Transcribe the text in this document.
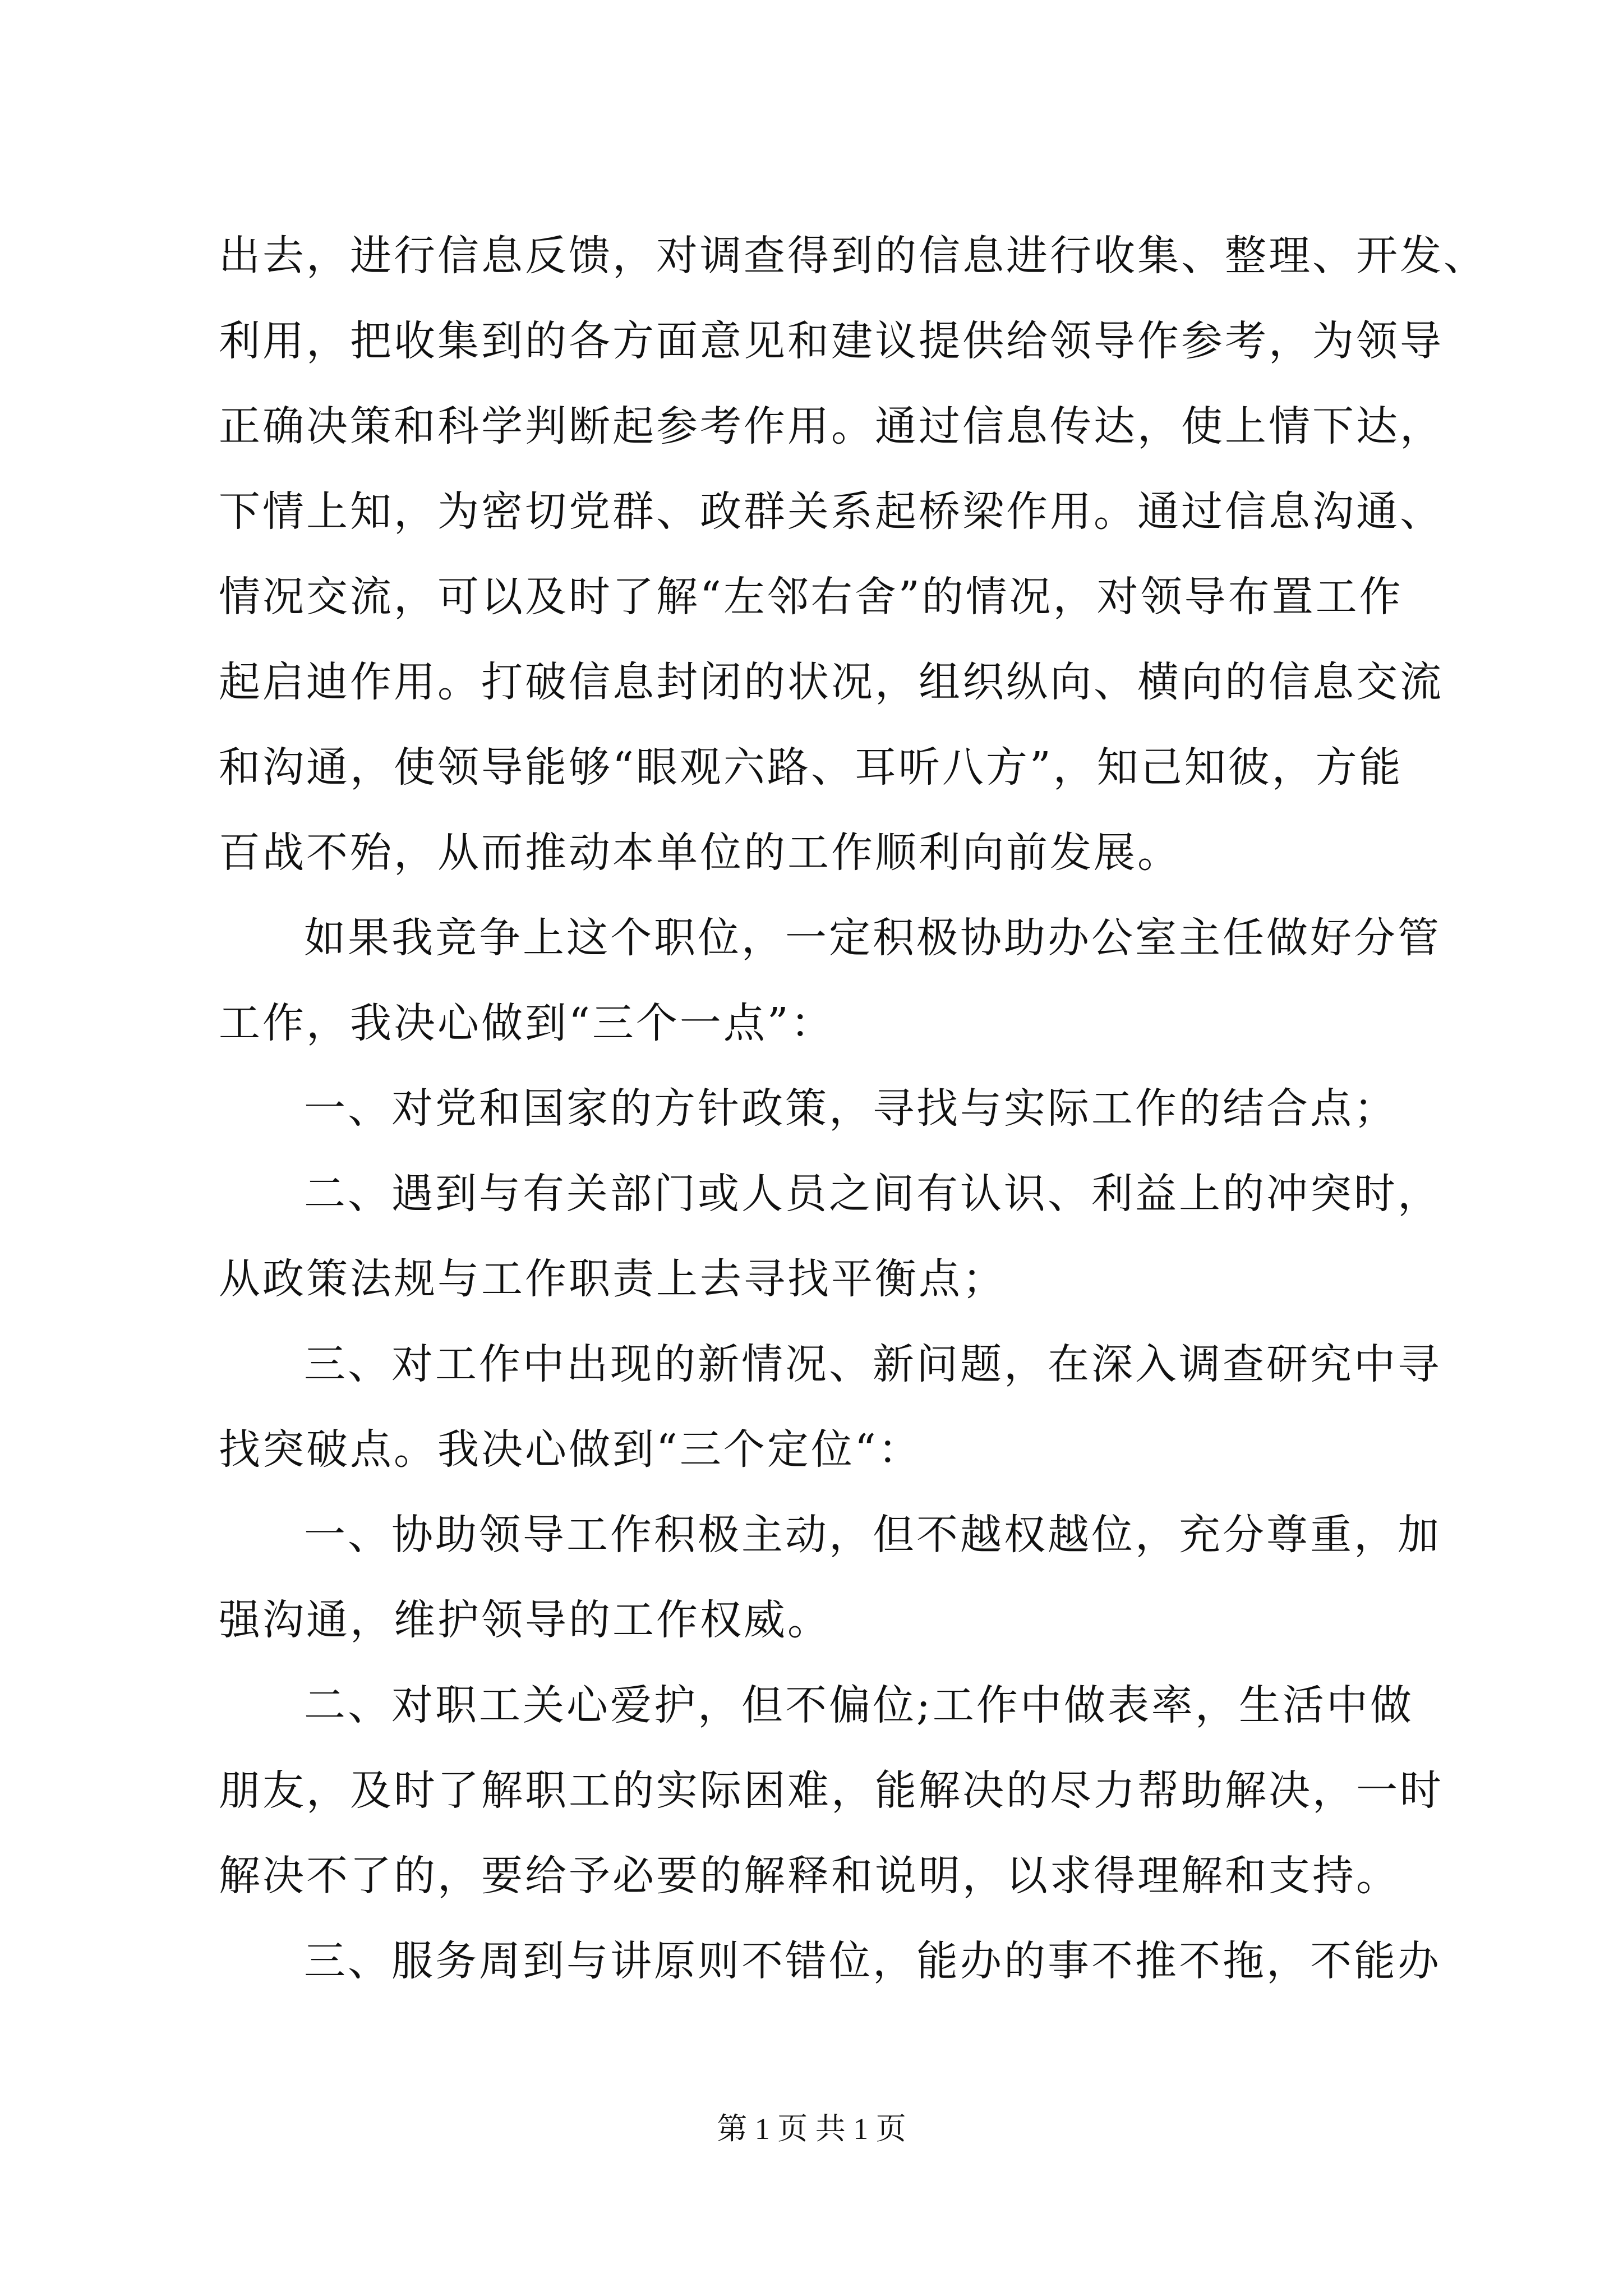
出去，进行信息反馈，对调查得到的信息进行收集、整理、开发、
利用，把收集到的各方面意见和建议提供给领导作参考，为领导
正确决策和科学判断起参考作用。通过信息传达，使上情下达，
下情上知，为密切党群、政群关系起桥梁作用。通过信息沟通、
情况交流，可以及时了解“左邻右舍”的情况，对领导布置工作
起启迪作用。打破信息封闭的状况，组织纵向、横向的信息交流
和沟通，使领导能够“眼观六路、耳听八方”，知己知彼，方能
百战不殆，从而推动本单位的工作顺利向前发展。
如果我竞争上这个职位，一定积极协助办公室主任做好分管
工作，我决心做到“三个一点”：
一、对党和国家的方针政策，寻找与实际工作的结合点；
二、遇到与有关部门或人员之间有认识、利益上的冲突时，
从政策法规与工作职责上去寻找平衡点；
三、对工作中出现的新情况、新问题，在深入调查研究中寻
找突破点。我决心做到“三个定位“：
一、协助领导工作积极主动，但不越权越位，充分尊重，加
强沟通，维护领导的工作权威。
二、对职工关心爱护，但不偏位;工作中做表率，生活中做
朋友，及时了解职工的实际困难，能解决的尽力帮助解决，一时
解决不了的，要给予必要的解释和说明，以求得理解和支持。
三、服务周到与讲原则不错位，能办的事不推不拖，不能办
第 1 页 共 1 页
